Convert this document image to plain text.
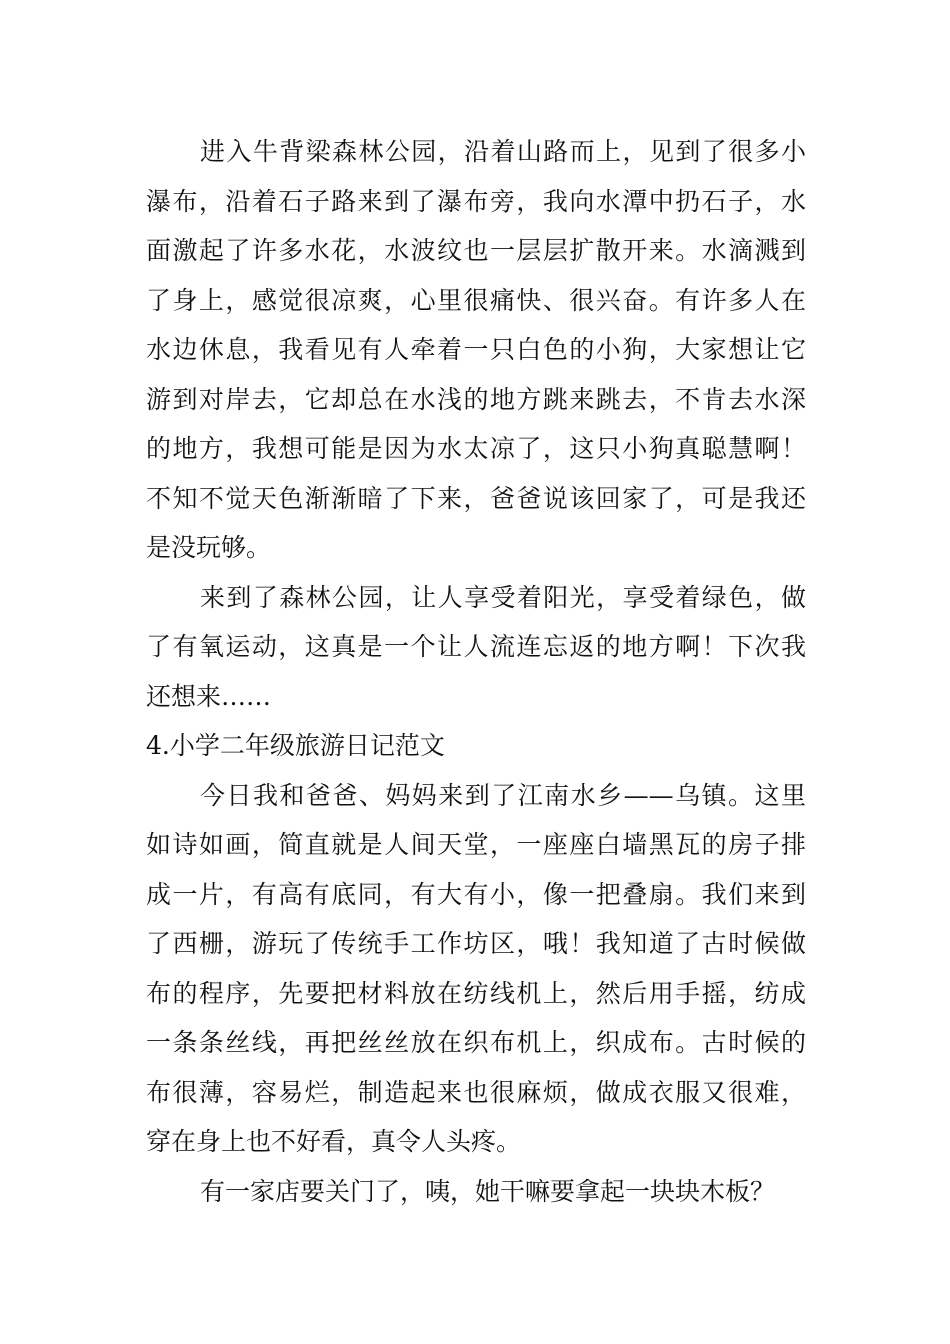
进入牛背梁森林公园，沿着山路而上，见到了很多小
瀑布，沿着石子路来到了瀑布旁，我向水潭中扔石子，水
面激起了许多水花，水波纹也一层层扩散开来。水滴溅到
了身上，感觉很凉爽，心里很痛快、很兴奋。有许多人在
水边休息，我看见有人牵着一只白色的小狗，大家想让它
游到对岸去，它却总在水浅的地方跳来跳去，不肯去水深
的地方，我想可能是因为水太凉了，这只小狗真聪慧啊！
不知不觉天色渐渐暗了下来，爸爸说该回家了，可是我还
是没玩够。
来到了森林公园，让人享受着阳光，享受着绿色，做
了有氧运动，这真是一个让人流连忘返的地方啊！下次我
还想来……
4.小学二年级旅游日记范文
今日我和爸爸、妈妈来到了江南水乡——乌镇。这里
如诗如画，简直就是人间天堂，一座座白墙黑瓦的房子排
成一片，有高有底同，有大有小，像一把叠扇。我们来到
了西栅，游玩了传统手工作坊区，哦！我知道了古时候做
布的程序，先要把材料放在纺线机上，然后用手摇，纺成
一条条丝线，再把丝丝放在织布机上，织成布。古时候的
布很薄，容易烂，制造起来也很麻烦，做成衣服又很难，
穿在身上也不好看，真令人头疼。
有一家店要关门了，咦，她干嘛要拿起一块块木板？
